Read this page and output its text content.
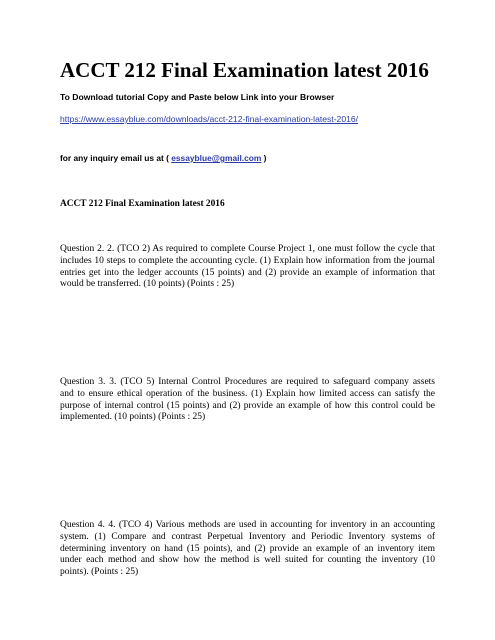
ACCT 212 Final Examination latest 2016
To Download tutorial Copy and Paste below Link into your Browser
https://www.essayblue.com/downloads/acct-212-final-examination-latest-2016/
for any inquiry email us at ( essayblue@gmail.com )
ACCT 212 Final Examination latest 2016
Question 2. 2. (TCO 2) As required to complete Course Project 1, one must follow the cycle that
includes 10 steps to complete the accounting cycle. (1) Explain how information from the journal
entries get into the ledger accounts (15 points) and (2) provide an example of information that
would be transferred. (10 points) (Points : 25)
Question 3. 3. (TCO 5) Internal Control Procedures are required to safeguard company assets
and to ensure ethical operation of the business. (1) Explain how limited access can satisfy the
purpose of internal control (15 points) and (2) provide an example of how this control could be
implemented. (10 points) (Points : 25)
Question 4. 4. (TCO 4) Various methods are used in accounting for inventory in an accounting
system. (1) Compare and contrast Perpetual Inventory and Periodic Inventory systems of
determining inventory on hand (15 points), and (2) provide an example of an inventory item
under each method and show how the method is well suited for counting the inventory (10
points). (Points : 25)
